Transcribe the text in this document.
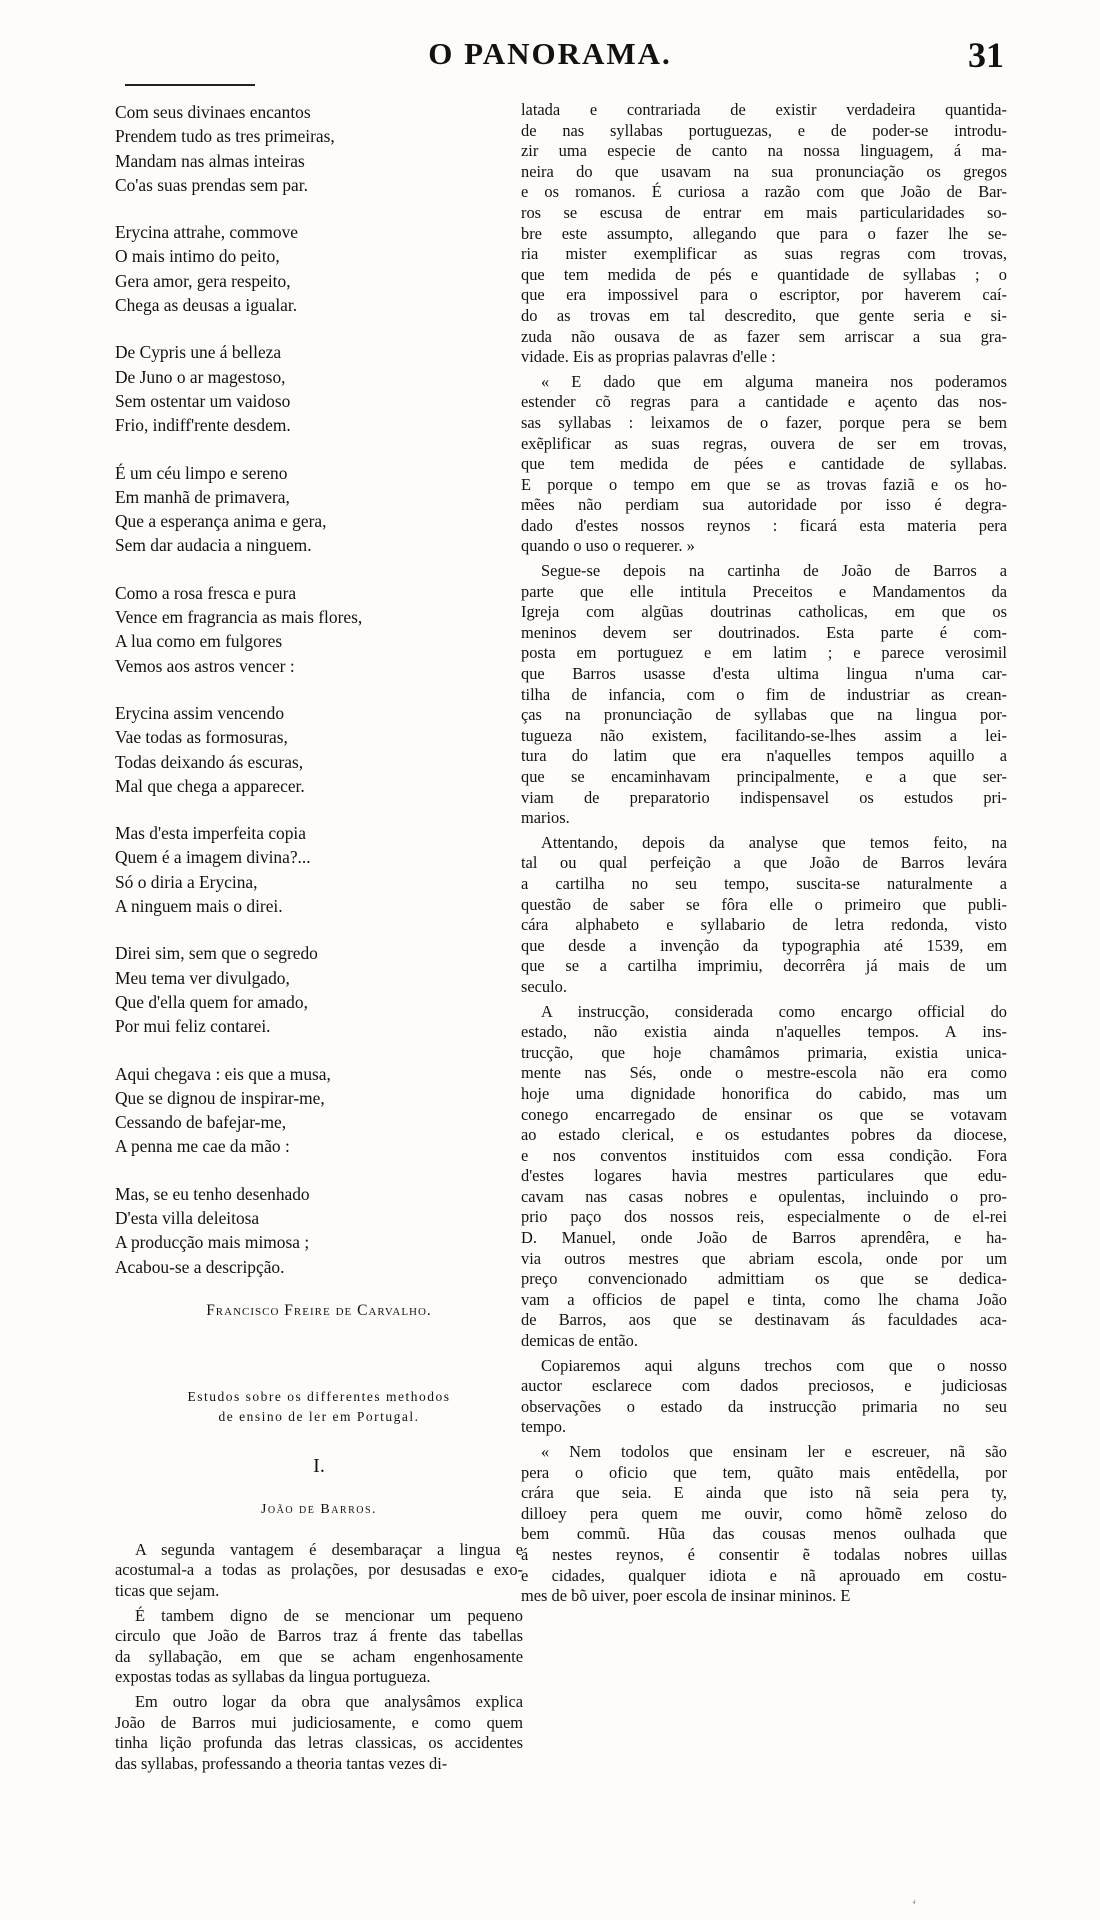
O PANORAMA.	31
Com seus divinaes encantos
Prendem tudo as tres primeiras,
Mandam nas almas inteiras
Co'as suas prendas sem par.
Erycina attrahe, commove
O mais intimo do peito,
Gera amor, gera respeito,
Chega as deusas a igualar.
De Cypris une á belleza
De Juno o ar magestoso,
Sem ostentar um vaidoso
Frio, indiff'rente desdem.
É um céu limpo e sereno
Em manhã de primavera,
Que a esperança anima e gera,
Sem dar audacia a ninguem.
Como a rosa fresca e pura
Vence em fragrancia as mais flores,
A lua como em fulgores
Vemos aos astros vencer :
Erycina assim vencendo
Vae todas as formosuras,
Todas deixando ás escuras,
Mal que chega a apparecer.
Mas d'esta imperfeita copia
Quem é a imagem divina?...
Só o diria a Erycina,
A ninguem mais o direi.
Direi sim, sem que o segredo
Meu tema ver divulgado,
Que d'ella quem for amado,
Por mui feliz contarei.
Aqui chegava : eis que a musa,
Que se dignou de inspirar-me,
Cessando de bafejar-me,
A penna me cae da mão :
Mas, se eu tenho desenhado
D'esta villa deleitosa
A producção mais mimosa ;
Acabou-se a descripção.
Francisco Freire de Carvalho.
Estudos sobre os differentes methodos
de ensino de ler em Portugal.
I.
João de Barros.
A segunda vantagem é desembaraçar a lingua e
acostumal-a a todas as prolações, por desusadas e exo-
ticas que sejam.
É tambem digno de se mencionar um pequeno
circulo que João de Barros traz á frente das tabellas
da syllabação, em que se acham engenhosamente
expostas todas as syllabas da lingua portugueza.
Em outro logar da obra que analysâmos explica
João de Barros mui judiciosamente, e como quem
tinha lição profunda das letras classicas, os accidentes
das syllabas, professando a theoria tantas vezes di-
latada e contrariada de existir verdadeira quantida-
de nas syllabas portuguezas, e de poder-se introdu-
zir uma especie de canto na nossa linguagem, á ma-
neira do que usavam na sua pronunciação os gregos
e os romanos. É curiosa a razão com que João de Bar-
ros se escusa de entrar em mais particularidades so-
bre este assumpto, allegando que para o fazer lhe se-
ria mister exemplificar as suas regras com trovas,
que tem medida de pés e quantidade de syllabas ; o
que era impossivel para o escriptor, por haverem caí-
do as trovas em tal descredito, que gente seria e si-
zuda não ousava de as fazer sem arriscar a sua gra-
vidade. Eis as proprias palavras d'elle :
« E dado que em alguma maneira nos poderamos
estender cõ regras para a cantidade e açento das nos-
sas syllabas : leixamos de o fazer, porque pera se bem
exẽplificar as suas regras, ouvera de ser em trovas,
que tem medida de pées e cantidade de syllabas.
E porque o tempo em que se as trovas faziã e os ho-
mẽes não perdiam sua autoridade por isso é degra-
dado d'estes nossos reynos : ficará esta materia pera
quando o uso o requerer. »
Segue-se depois na cartinha de João de Barros a
parte que elle intitula Preceitos e Mandamentos da
Igreja com algũas doutrinas catholicas, em que os
meninos devem ser doutrinados. Esta parte é com-
posta em portuguez e em latim ; e parece verosimil
que Barros usasse d'esta ultima lingua n'uma car-
tilha de infancia, com o fim de industriar as crean-
ças na pronunciação de syllabas que na lingua por-
tugueza não existem, facilitando-se-lhes assim a lei-
tura do latim que era n'aquelles tempos aquillo a
que se encaminhavam principalmente, e a que ser-
viam de preparatorio indispensavel os estudos pri-
marios.
Attentando, depois da analyse que temos feito, na
tal ou qual perfeição a que João de Barros levára
a cartilha no seu tempo, suscita-se naturalmente a
questão de saber se fôra elle o primeiro que publi-
cára alphabeto e syllabario de letra redonda, visto
que desde a invenção da typographia até 1539, em
que se a cartilha imprimiu, decorrêra já mais de um
seculo.
A instrucção, considerada como encargo official do
estado, não existia ainda n'aquelles tempos. A ins-
trucção, que hoje chamâmos primaria, existia unica-
mente nas Sés, onde o mestre-escola não era como
hoje uma dignidade honorifica do cabido, mas um
conego encarregado de ensinar os que se votavam
ao estado clerical, e os estudantes pobres da diocese,
e nos conventos instituidos com essa condição. Fora
d'estes logares havia mestres particulares que edu-
cavam nas casas nobres e opulentas, incluindo o pro-
prio paço dos nossos reis, especialmente o de el-rei
D. Manuel, onde João de Barros aprendêra, e ha-
via outros mestres que abriam escola, onde por um
preço convencionado admittiam os que se dedica-
vam a officios de papel e tinta, como lhe chama João
de Barros, aos que se destinavam ás faculdades aca-
demicas de então.
Copiaremos aqui alguns trechos com que o nosso
auctor esclarece com dados preciosos, e judiciosas
observações o estado da instrucção primaria no seu
tempo.
« Nem todolos que ensinam ler e escreuer, nã são
pera o oficio que tem, quãto mais entẽdella, por
crára que seia. E ainda que isto nã seia pera ty,
dilloey pera quem me ouvir, como hõmẽ zeloso do
bem commũ. Hũa das cousas menos oulhada que
á nestes reynos, é consentir ẽ todalas nobres uillas
e cidades, qualquer idiota e nã aprouado em costu-
mes de bõ uiver, poer escola de insinar mininos. E
‘
